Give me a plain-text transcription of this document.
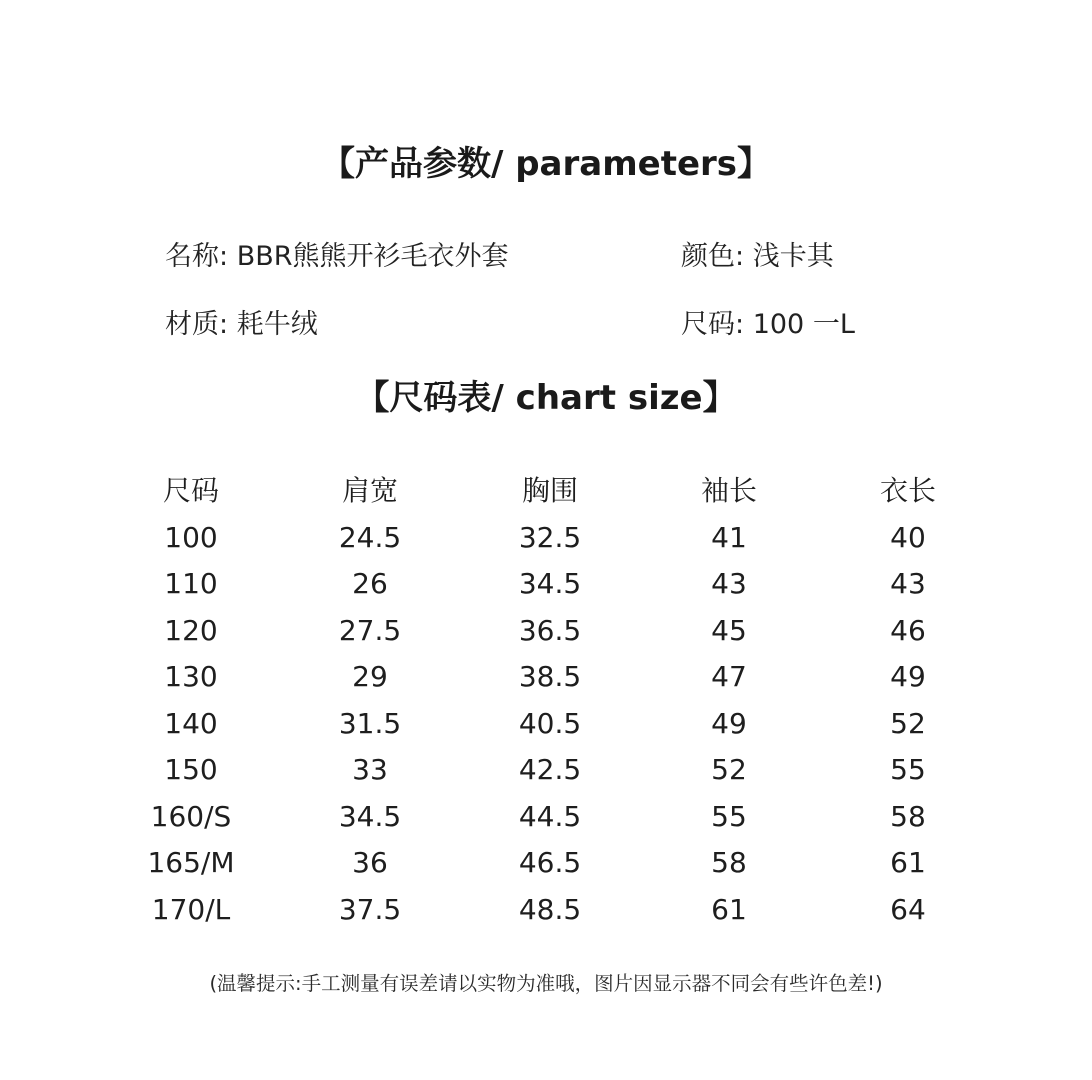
【产品参数/ parameters】
名称: BBR熊熊开衫毛衣外套	颜色: 浅卡其
材质: 耗牛绒	尺码: 100 一L
【尺码表/ chart size】
尺码	肩宽	胸围	袖长	衣长
100	24.5	32.5	41	40
110	26	34.5	43	43
120	27.5	36.5	45	46
130	29	38.5	47	49
140	31.5	40.5	49	52
150	33	42.5	52	55
160/S	34.5	44.5	55	58
165/M	36	46.5	58	61
170/L	37.5	48.5	61	64
(温馨提示:手工测量有误差请以实物为准哦，图片因显示器不同会有些许色差!)
